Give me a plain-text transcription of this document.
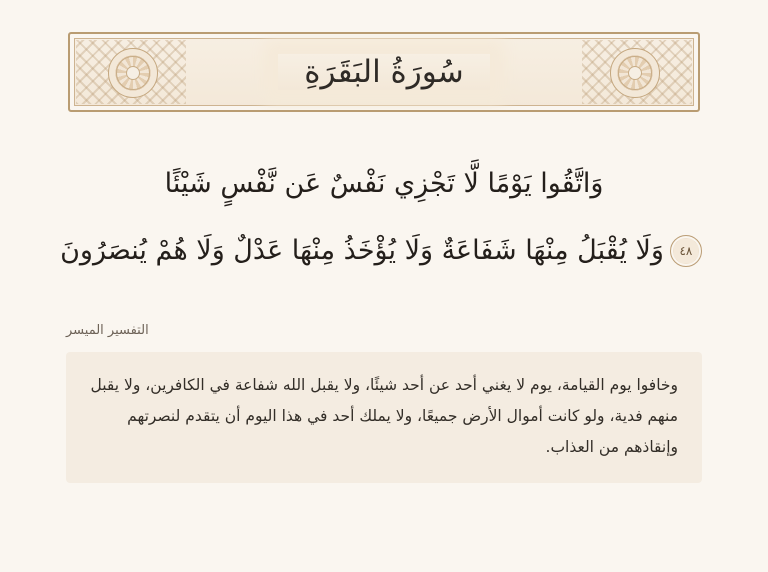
سُورَةُ البَقَرَةِ
وَاتَّقُوا يَوْمًا لَّا تَجْزِي نَفْسٌ عَن نَّفْسٍ شَيْئًا
٤٨وَلَا يُقْبَلُ مِنْهَا شَفَاعَةٌ وَلَا يُؤْخَذُ مِنْهَا عَدْلٌ وَلَا هُمْ يُنصَرُونَ
التفسير الميسر
وخافوا يوم القيامة، يوم لا يغني أحد عن أحد شيئًا، ولا يقبل الله شفاعة في الكافرين، ولا يقبل منهم فدية، ولو كانت أموال الأرض جميعًا، ولا يملك أحد في هذا اليوم أن يتقدم لنصرتهم وإنقاذهم من العذاب.
